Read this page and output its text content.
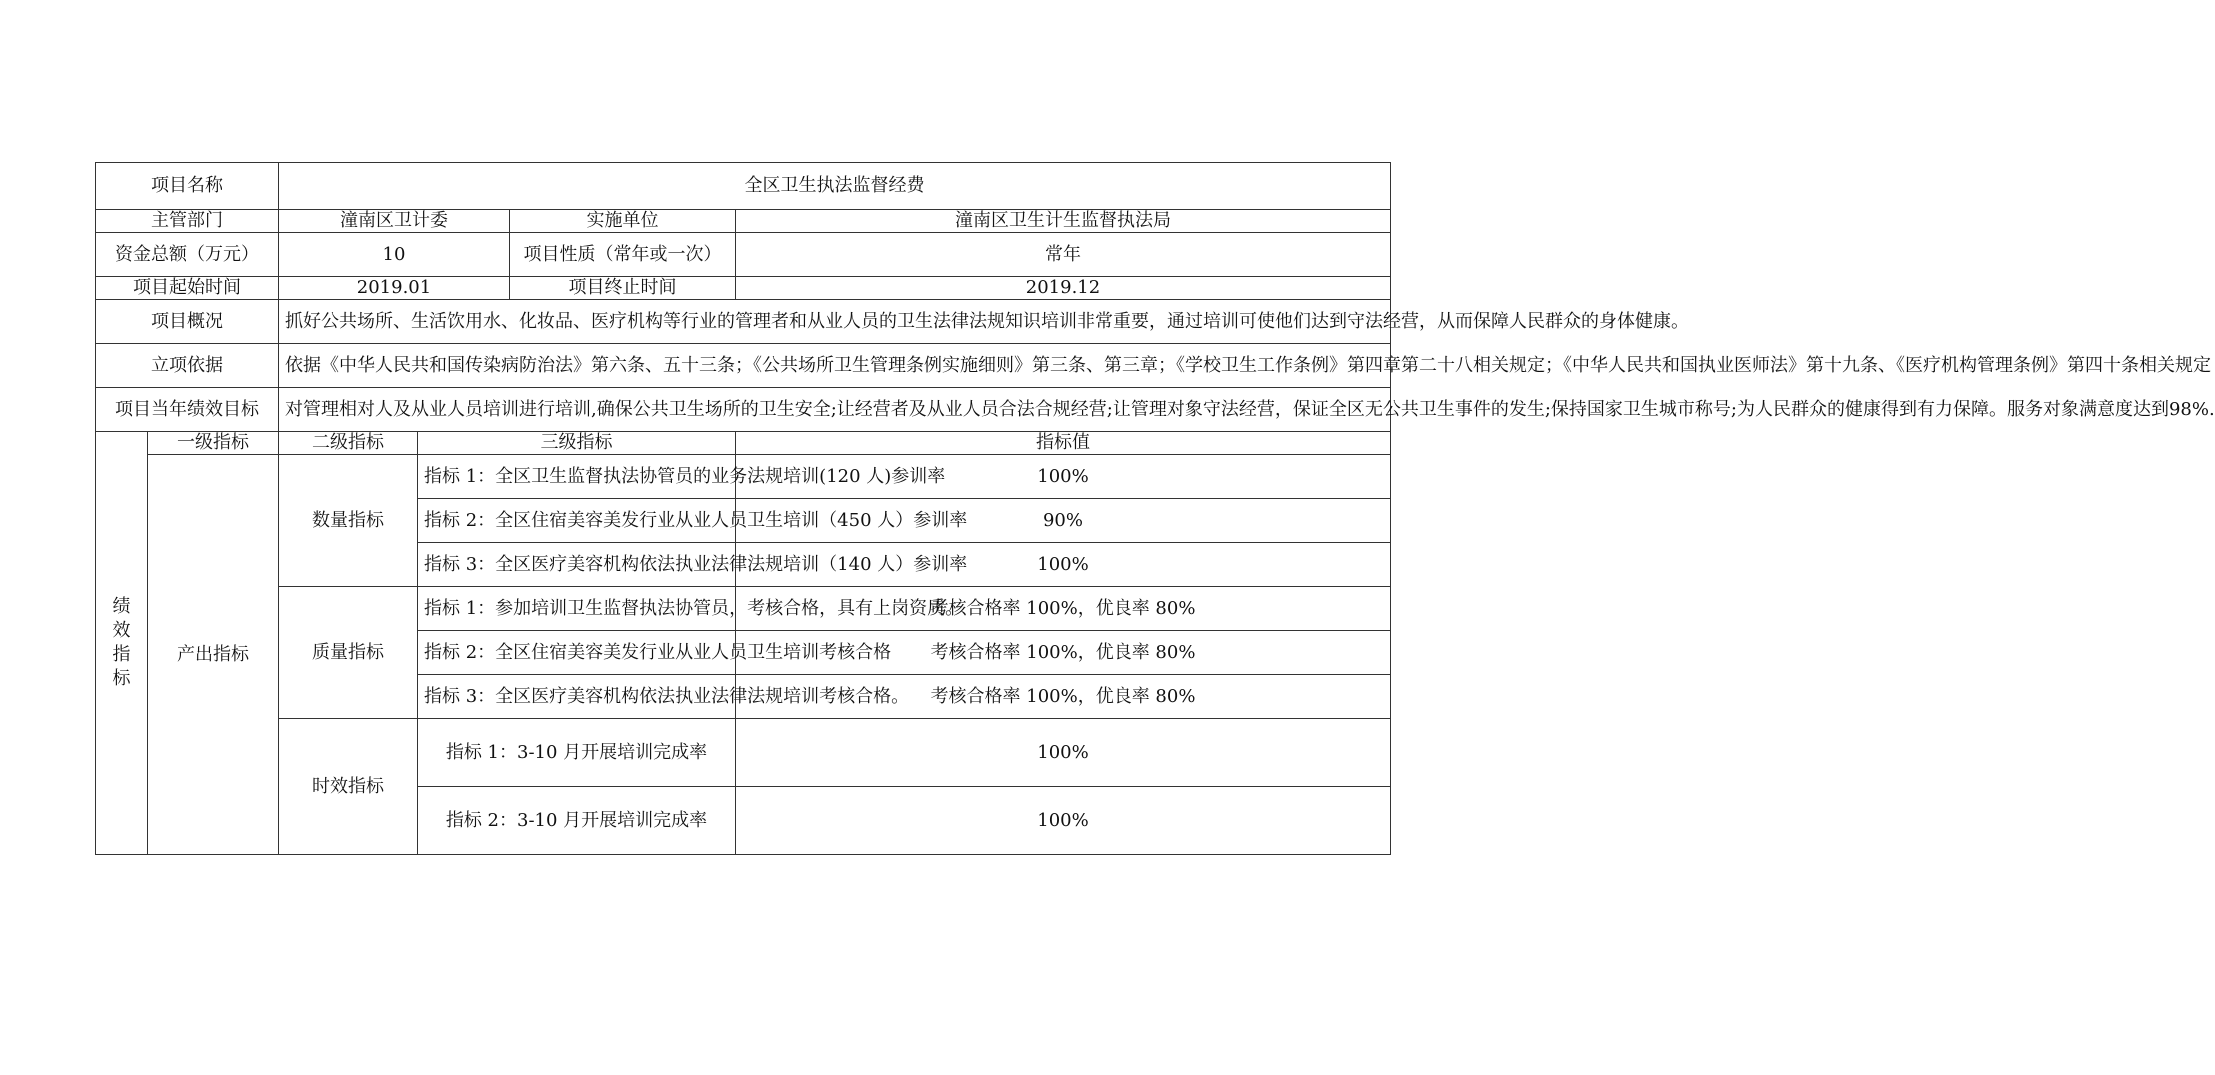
项目名称		全区卫生执法监督经费			
主管部门		潼南区卫计委		实施单位	潼南区卫生计生监督执法局
资金总额（万元）		10		项目性质（常年或一次）	常年
项目起始时间		2019.01		项目终止时间	2019.12
项目概况		抓好公共场所、生活饮用水、化妆品、医疗机构等行业的管理者和从业人员的卫生法律法规知识培训非常重要，通过培训可使他们达到守法经营，从而保障人民群众的身体健康。			
立项依据		依据《中华人民共和国传染病防治法》第六条、五十三条；《公共场所卫生管理条例实施细则》第三条、第三章；《学校卫生工作条例》第四章第二十八相关规定；《中华人民共和国执业医师法》第十九条、《医疗机构管理条例》第四十条相关规定			
项目当年绩效目标		对管理相对人及从业人员培训进行培训,确保公共卫生场所的卫生安全;让经营者及从业人员合法合规经营;让管理对象守法经营，保证全区无公共卫生事件的发生;保持国家卫生城市称号;为人民群众的健康得到有力保障。服务对象满意度达到98%.			
绩效指标	一级指标	二级指标	三级指标		指标值
	产出指标	数量指标	指标 1：全区卫生监督执法协管员的业务法规培训(120 人)参训率		100%
			指标 2：全区住宿美容美发行业从业人员卫生培训（450 人）参训率		90%
			指标 3：全区医疗美容机构依法执业法律法规培训（140 人）参训率		100%
		质量指标	指标 1：参加培训卫生监督执法协管员，考核合格，具有上岗资质。		考核合格率 100%，优良率 80%
			指标 2：全区住宿美容美发行业从业人员卫生培训考核合格		考核合格率 100%，优良率 80%
			指标 3：全区医疗美容机构依法执业法律法规培训考核合格。		考核合格率 100%，优良率 80%
		时效指标	指标 1：3-10 月开展培训完成率		100%
			指标 2：3-10 月开展培训完成率		100%
